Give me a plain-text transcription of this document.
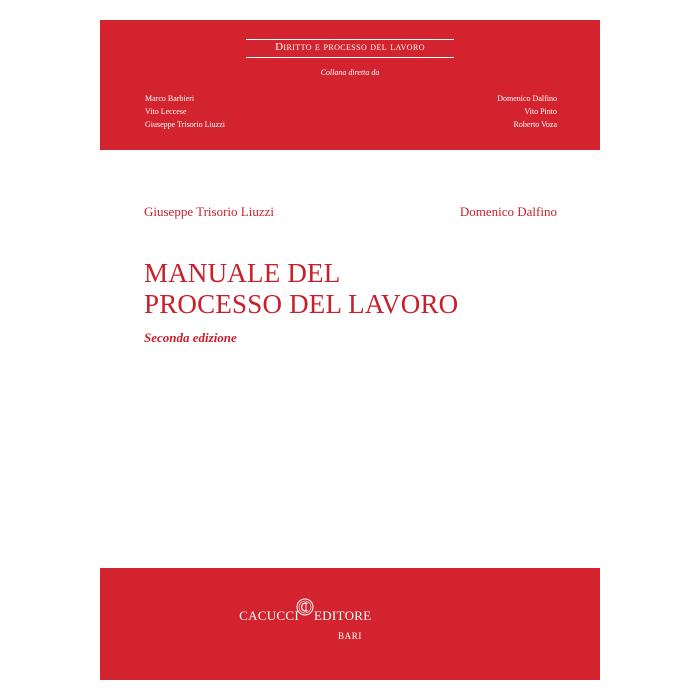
Diritto e processo del lavoro
Collana diretta da
Marco Barbieri
Vito Leccese
Giuseppe Trisorio Liuzzi
Domenico Dalfino
Vito Pinto
Roberto Voza
Giuseppe Trisorio Liuzzi	Domenico Dalfino
MANUALE DEL
PROCESSO DEL LAVORO
Seconda edizione
CACUCCI EDITORE
BARI
